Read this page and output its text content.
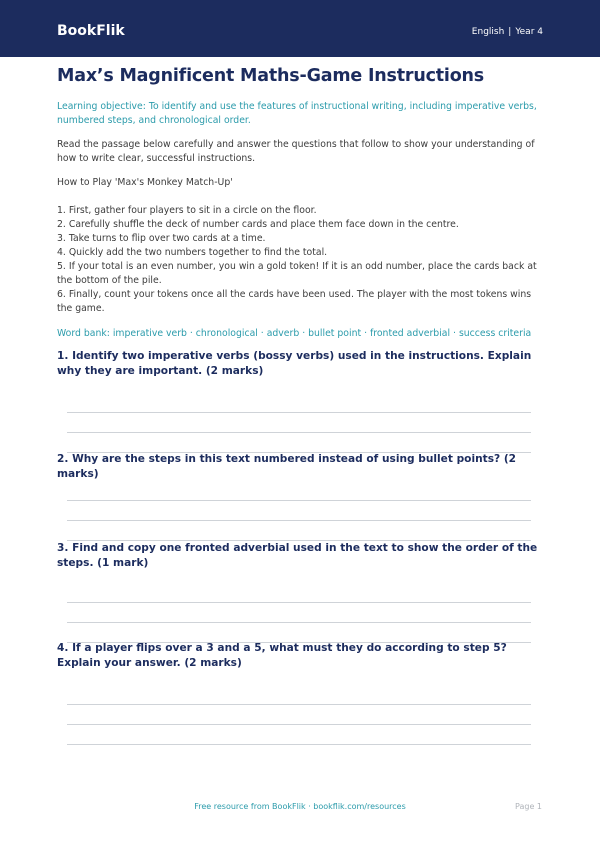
BookFlik	English | Year 4
Max’s Magnificent Maths-Game Instructions

Learning objective: To identify and use the features of instructional writing, including imperative verbs, numbered steps, and chronological order.

Read the passage below carefully and answer the questions that follow to show your understanding of how to write clear, successful instructions.

How to Play 'Max's Monkey Match-Up'

1. First, gather four players to sit in a circle on the floor.
2. Carefully shuffle the deck of number cards and place them face down in the centre.
3. Take turns to flip over two cards at a time.
4. Quickly add the two numbers together to find the total.
5. If your total is an even number, you win a gold token! If it is an odd number, place the cards back at the bottom of the pile.
6. Finally, count your tokens once all the cards have been used. The player with the most tokens wins the game.

Word bank: imperative verb · chronological · adverb · bullet point · fronted adverbial · success criteria

1. Identify two imperative verbs (bossy verbs) used in the instructions. Explain why they are important. (2 marks)

2. Why are the steps in this text numbered instead of using bullet points? (2 marks)

3. Find and copy one fronted adverbial used in the text to show the order of the steps. (1 mark)

4. If a player flips over a 3 and a 5, what must they do according to step 5? Explain your answer. (2 marks)

Free resource from BookFlik · bookflik.com/resources	Page 1
